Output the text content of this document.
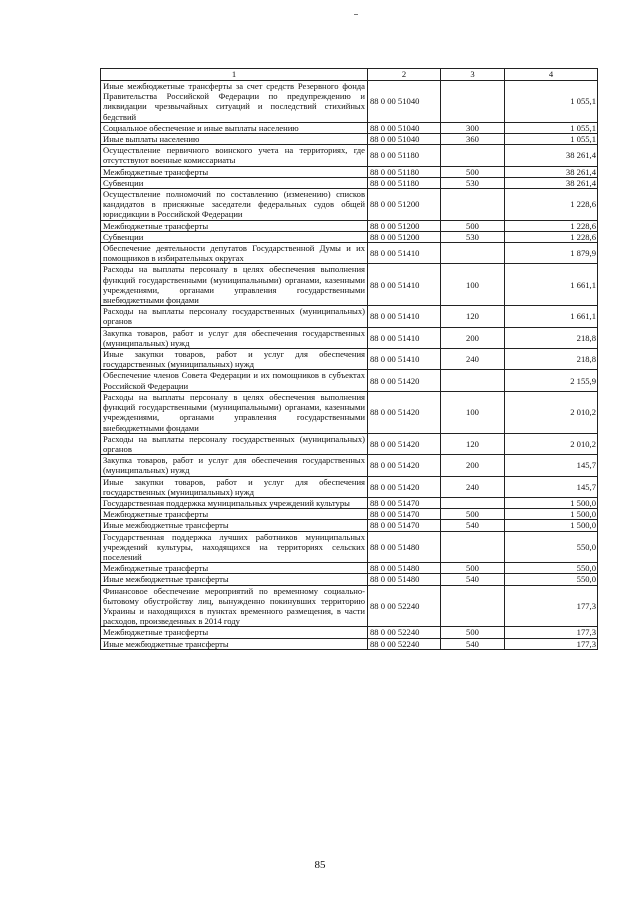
1	2	3	4
Иные межбюджетные трансферты за счет средств Резервного фонда Правительства Российской Федерации по предупреждению и ликвидации чрезвычайных ситуаций и последствий стихийных бедствий	88 0 00 51040		1 055,1
Социальное обеспечение и иные выплаты населению	88 0 00 51040	300	1 055,1
Иные выплаты населению	88 0 00 51040	360	1 055,1
Осуществление первичного воинского учета на территориях, где отсутствуют военные комиссариаты	88 0 00 51180		38 261,4
Межбюджетные трансферты	88 0 00 51180	500	38 261,4
Субвенции	88 0 00 51180	530	38 261,4
Осуществление полномочий по составлению (изменению) списков кандидатов в присяжные заседатели федеральных судов общей юрисдикции в Российской Федерации	88 0 00 51200		1 228,6
Межбюджетные трансферты	88 0 00 51200	500	1 228,6
Субвенции	88 0 00 51200	530	1 228,6
Обеспечение деятельности депутатов Государственной Думы и их помощников в избирательных округах	88 0 00 51410		1 879,9
Расходы на выплаты персоналу в целях обеспечения выполнения функций государственными (муниципальными) органами, казенными учреждениями, органами управления государственными внебюджетными фондами	88 0 00 51410	100	1 661,1
Расходы на выплаты персоналу государственных (муниципальных) органов	88 0 00 51410	120	1 661,1
Закупка товаров, работ и услуг для обеспечения государственных (муниципальных) нужд	88 0 00 51410	200	218,8
Иные закупки товаров, работ и услуг для обеспечения государственных (муниципальных) нужд	88 0 00 51410	240	218,8
Обеспечение членов Совета Федерации и их помощников в субъектах Российской Федерации	88 0 00 51420		2 155,9
Расходы на выплаты персоналу в целях обеспечения выполнения функций государственными (муниципальными) органами, казенными учреждениями, органами управления государственными внебюджетными фондами	88 0 00 51420	100	2 010,2
Расходы на выплаты персоналу государственных (муниципальных) органов	88 0 00 51420	120	2 010,2
Закупка товаров, работ и услуг для обеспечения государственных (муниципальных) нужд	88 0 00 51420	200	145,7
Иные закупки товаров, работ и услуг для обеспечения государственных (муниципальных) нужд	88 0 00 51420	240	145,7
Государственная поддержка муниципальных учреждений культуры	88 0 00 51470		1 500,0
Межбюджетные трансферты	88 0 00 51470	500	1 500,0
Иные межбюджетные трансферты	88 0 00 51470	540	1 500,0
Государственная поддержка лучших работников муниципальных учреждений культуры, находящихся на территориях сельских поселений	88 0 00 51480		550,0
Межбюджетные трансферты	88 0 00 51480	500	550,0
Иные межбюджетные трансферты	88 0 00 51480	540	550,0
Финансовое обеспечение мероприятий по временному социально-бытовому обустройству лиц, вынужденно покинувших территорию Украины и находящихся в пунктах временного размещения, в части расходов, произведенных в 2014 году	88 0 00 52240		177,3
Межбюджетные трансферты	88 0 00 52240	500	177,3
Иные межбюджетные трансферты	88 0 00 52240	540	177,3
85
